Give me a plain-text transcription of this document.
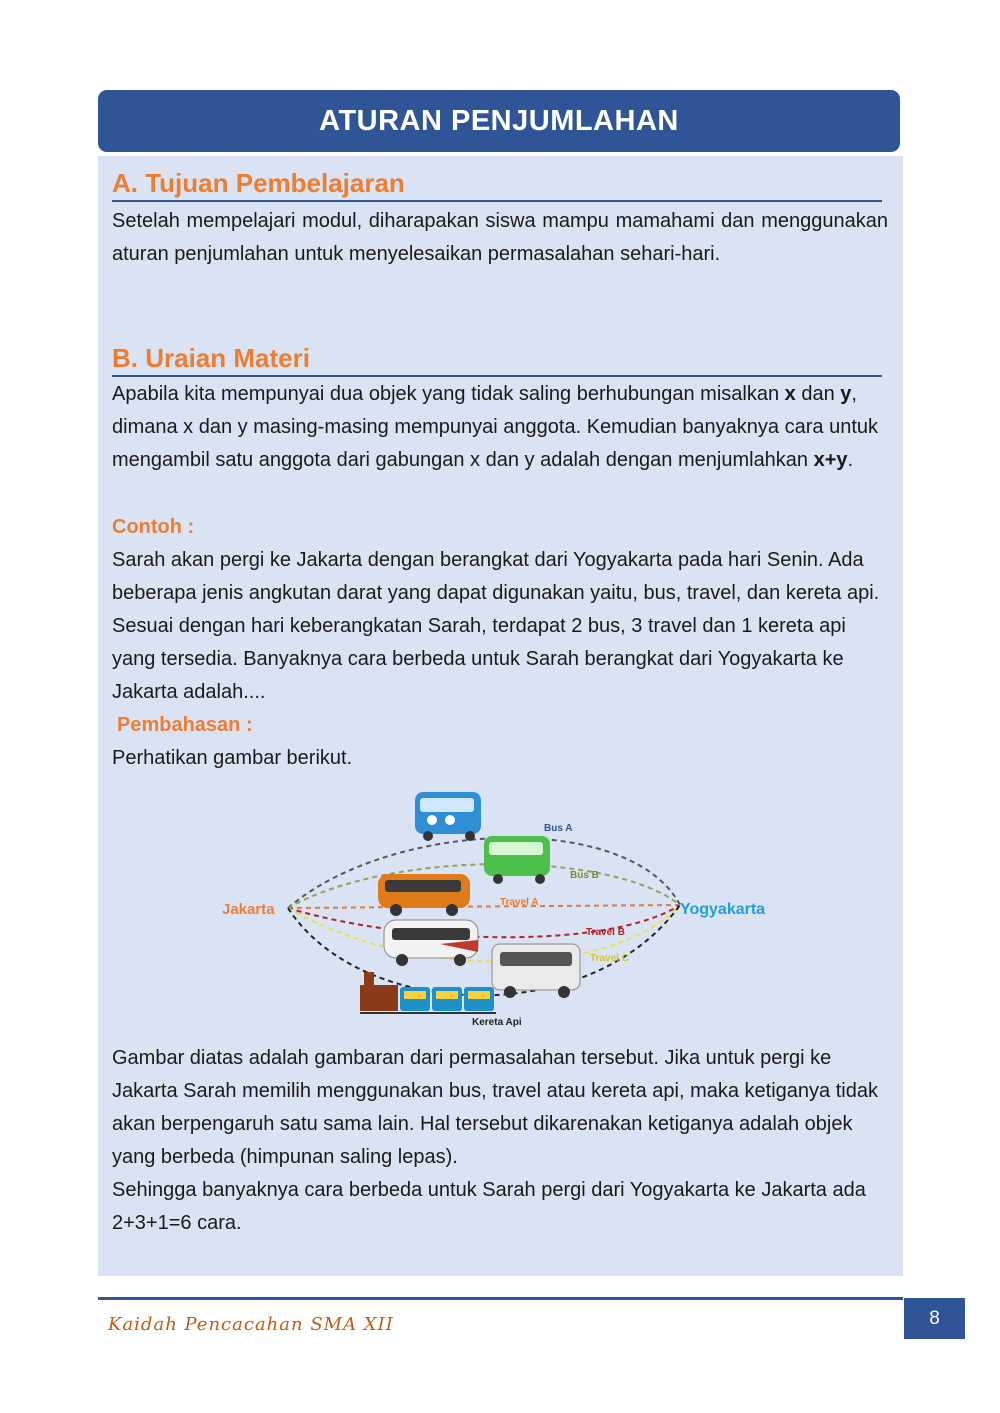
ATURAN PENJUMLAHAN
A. Tujuan Pembelajaran
Setelah mempelajari modul, diharapakan siswa mampu mamahami dan menggunakan aturan penjumlahan untuk menyelesaikan permasalahan sehari-hari.
B. Uraian Materi
Apabila kita mempunyai dua objek yang tidak saling berhubungan misalkan x dan y, dimana x dan y masing-masing mempunyai anggota. Kemudian banyaknya cara untuk mengambil satu anggota dari gabungan x dan y adalah dengan menjumlahkan x+y.
Contoh :
Sarah akan pergi ke Jakarta dengan berangkat dari Yogyakarta pada hari Senin. Ada beberapa jenis angkutan darat yang dapat digunakan yaitu, bus, travel, dan kereta api. Sesuai dengan hari keberangkatan Sarah, terdapat 2 bus, 3 travel dan 1 kereta api yang tersedia. Banyaknya cara berbeda untuk Sarah berangkat dari Yogyakarta ke Jakarta adalah....
Pembahasan :
Perhatikan gambar berikut.
Jakarta	Yogyakarta
Bus A
Bus B
Travel A
Travel B
Travel C
Kereta Api
Gambar diatas adalah gambaran dari permasalahan tersebut. Jika untuk pergi ke Jakarta Sarah memilih menggunakan bus, travel atau kereta api, maka ketiganya tidak akan berpengaruh satu sama lain. Hal tersebut dikarenakan ketiganya adalah objek yang berbeda (himpunan saling lepas).
Sehingga banyaknya cara berbeda untuk Sarah pergi dari Yogyakarta ke Jakarta ada 2+3+1=6 cara.
Kaidah Pencacahan SMA XII	8
